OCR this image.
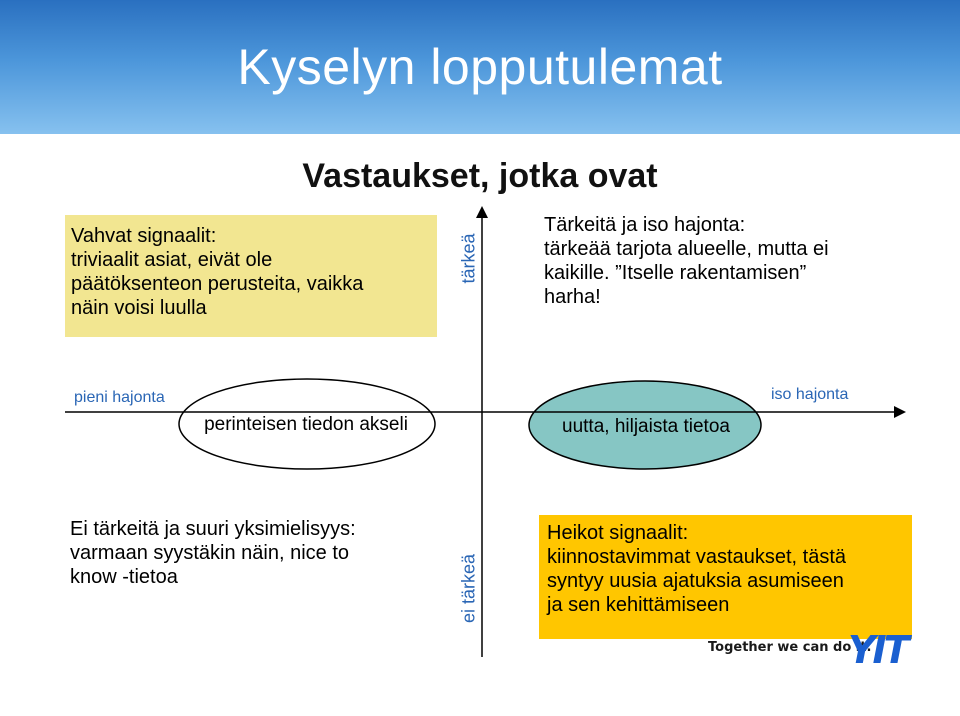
Kyselyn lopputulemat
Vastaukset, jotka ovat
Vahvat signaalit:
triviaalit asiat, eivät ole
päätöksenteon perusteita, vaikka
näin voisi luulla
Tärkeitä ja iso hajonta:
tärkeää tarjota alueelle, mutta ei
kaikille. ”Itselle rakentamisen”
harha!
Ei tärkeitä ja suuri yksimielisyys:
varmaan syystäkin näin, nice to
know -tietoa
Heikot signaalit:
kiinnostavimmat vastaukset, tästä
syntyy uusia ajatuksia asumiseen
ja sen kehittämiseen
tärkeä
ei tärkeä
pieni hajonta	iso hajonta
perinteisen tiedon akseli	uutta, hiljaista tietoa
Together we can do it.
YIT
